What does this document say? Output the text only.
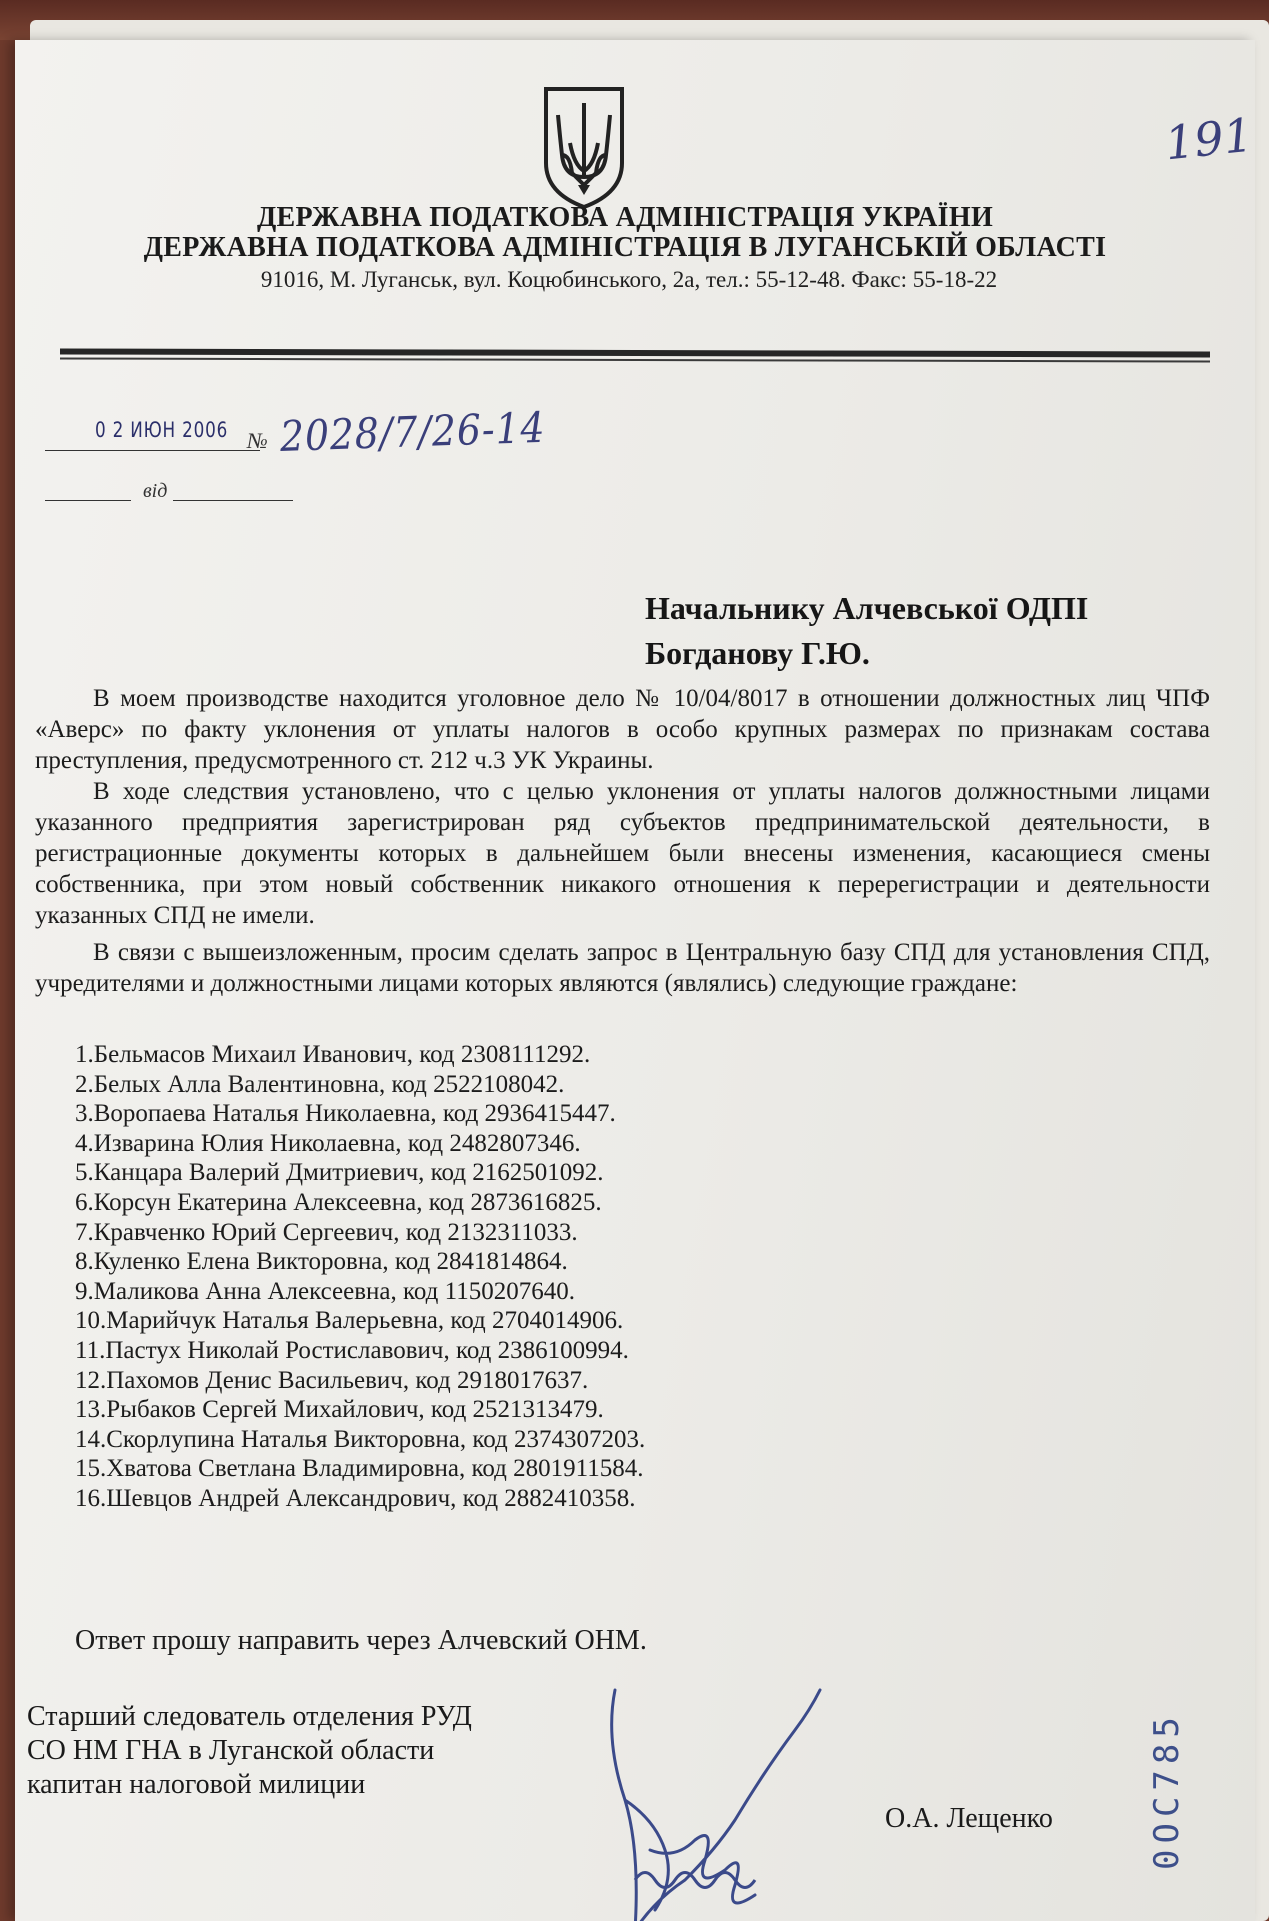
191
ДЕРЖАВНА ПОДАТКОВА АДМІНІСТРАЦІЯ УКРАЇНИ
ДЕРЖАВНА ПОДАТКОВА АДМІНІСТРАЦІЯ В ЛУГАНСЬКІЙ ОБЛАСТІ
91016, М. Луганськ, вул. Коцюбинського, 2а, тел.: 55-12-48. Факс: 55-18-22
0 2 ИЮН 2006 № 2028/7/26-14
від
Начальнику Алчевської ОДПІ
Богданову Г.Ю.

В моем производстве находится уголовное дело № 10/04/8017 в отношении должностных лиц ЧПФ «Аверс» по факту уклонения от уплаты налогов в особо крупных размерах по признакам состава преступления, предусмотренного ст. 212 ч.3 УК Украины.

В ходе следствия установлено, что с целью уклонения от уплаты налогов должностными лицами указанного предприятия зарегистрирован ряд субъектов предпринимательской деятельности, в регистрационные документы которых в дальнейшем были внесены изменения, касающиеся смены собственника, при этом новый собственник никакого отношения к перерегистрации и деятельности указанных СПД не имели.

В связи с вышеизложенным, просим сделать запрос в Центральную базу СПД для установления СПД, учредителями и должностными лицами которых являются (являлись) следующие граждане:

1.Бельмасов Михаил Иванович, код 2308111292.
2.Белых Алла Валентиновна, код 2522108042.
3.Воропаева Наталья Николаевна, код 2936415447.
4.Изварина Юлия Николаевна, код 2482807346.
5.Канцара Валерий Дмитриевич, код 2162501092.
6.Корсун Екатерина Алексеевна, код 2873616825.
7.Кравченко Юрий Сергеевич, код 2132311033.
8.Куленко Елена Викторовна, код 2841814864.
9.Маликова Анна Алексеевна, код 1150207640.
10.Марийчук Наталья Валерьевна, код 2704014906.
11.Пастух Николай Ростиславович, код 2386100994.
12.Пахомов Денис Васильевич, код 2918017637.
13.Рыбаков Сергей Михайлович, код 2521313479.
14.Скорлупина Наталья Викторовна, код 2374307203.
15.Хватова Светлана Владимировна, код 2801911584.
16.Шевцов Андрей Александрович, код 2882410358.
Ответ прошу направить через Алчевский ОНМ.
Старший следователь отделения РУД
СО НМ ГНА в Луганской области
капитан налоговой милиции
О.А. Лещенко	0ОС785
